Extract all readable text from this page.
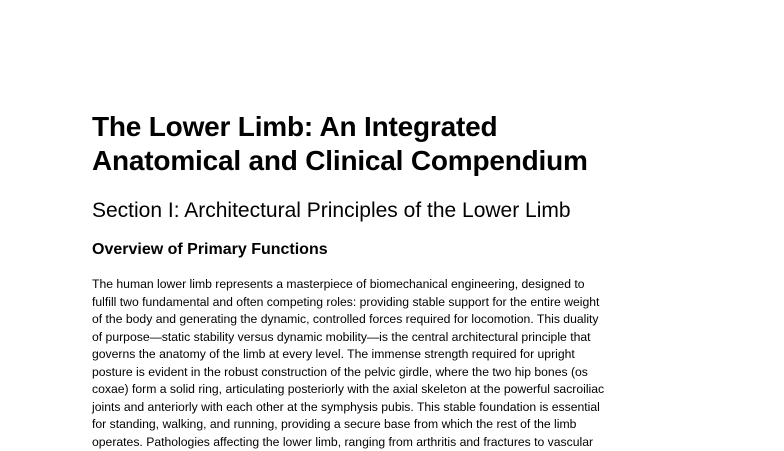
The Lower Limb: An Integrated
Anatomical and Clinical Compendium
Section I: Architectural Principles of the Lower Limb
Overview of Primary Functions

The human lower limb represents a masterpiece of biomechanical engineering, designed to
fulfill two fundamental and often competing roles: providing stable support for the entire weight
of the body and generating the dynamic, controlled forces required for locomotion. This duality
of purpose—static stability versus dynamic mobility—is the central architectural principle that
governs the anatomy of the limb at every level. The immense strength required for upright
posture is evident in the robust construction of the pelvic girdle, where the two hip bones (os
coxae) form a solid ring, articulating posteriorly with the axial skeleton at the powerful sacroiliac
joints and anteriorly with each other at the symphysis pubis. This stable foundation is essential
for standing, walking, and running, providing a secure base from which the rest of the limb
operates. Pathologies affecting the lower limb, ranging from arthritis and fractures to vascular
